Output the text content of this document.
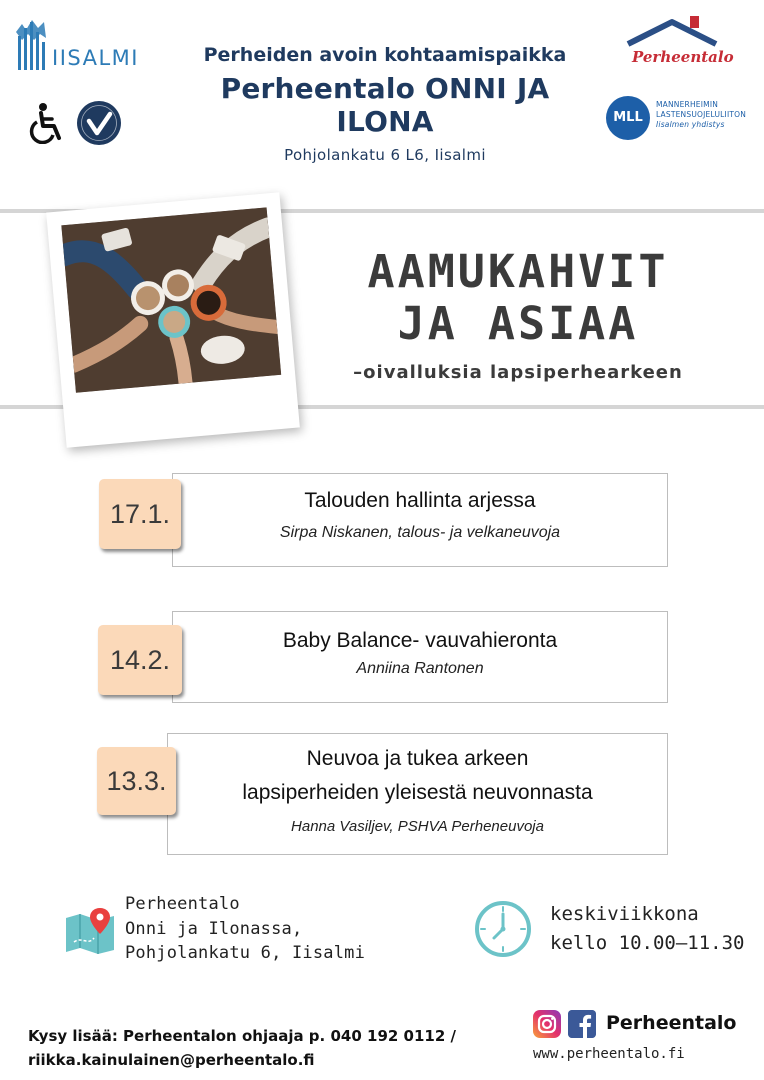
IISALMI	Perheiden avoin kohtaamispaikka
Perheentalo ONNI JA ILONA
Pohjolankatu 6 L6, Iisalmi
Perheentalo
MLL
MANNERHEIMIN
LASTENSUOJELULIITON
Iisalmen yhdistys
AAMUKAHVIT
JA ASIAA
–oivalluksia lapsiperhearkeen
Talouden hallinta arjessa
Sirpa Niskanen, talous- ja velkaneuvoja
17.1.
Baby Balance- vauvahieronta
Anniina Rantonen
14.2.
Neuvoa ja tukea arkeen
lapsiperheiden yleisestä neuvonnasta
Hanna Vasiljev, PSHVA Perheneuvoja
13.3.
Perheentalo
Onni ja Ilonassa,
Pohjolankatu 6, Iisalmi
keskiviikkona
kello 10.00–11.30
Kysy lisää: Perheentalon ohjaaja p. 040 192 0112 /
riikka.kainulainen@perheentalo.fi
Perheentalo
www.perheentalo.fi
